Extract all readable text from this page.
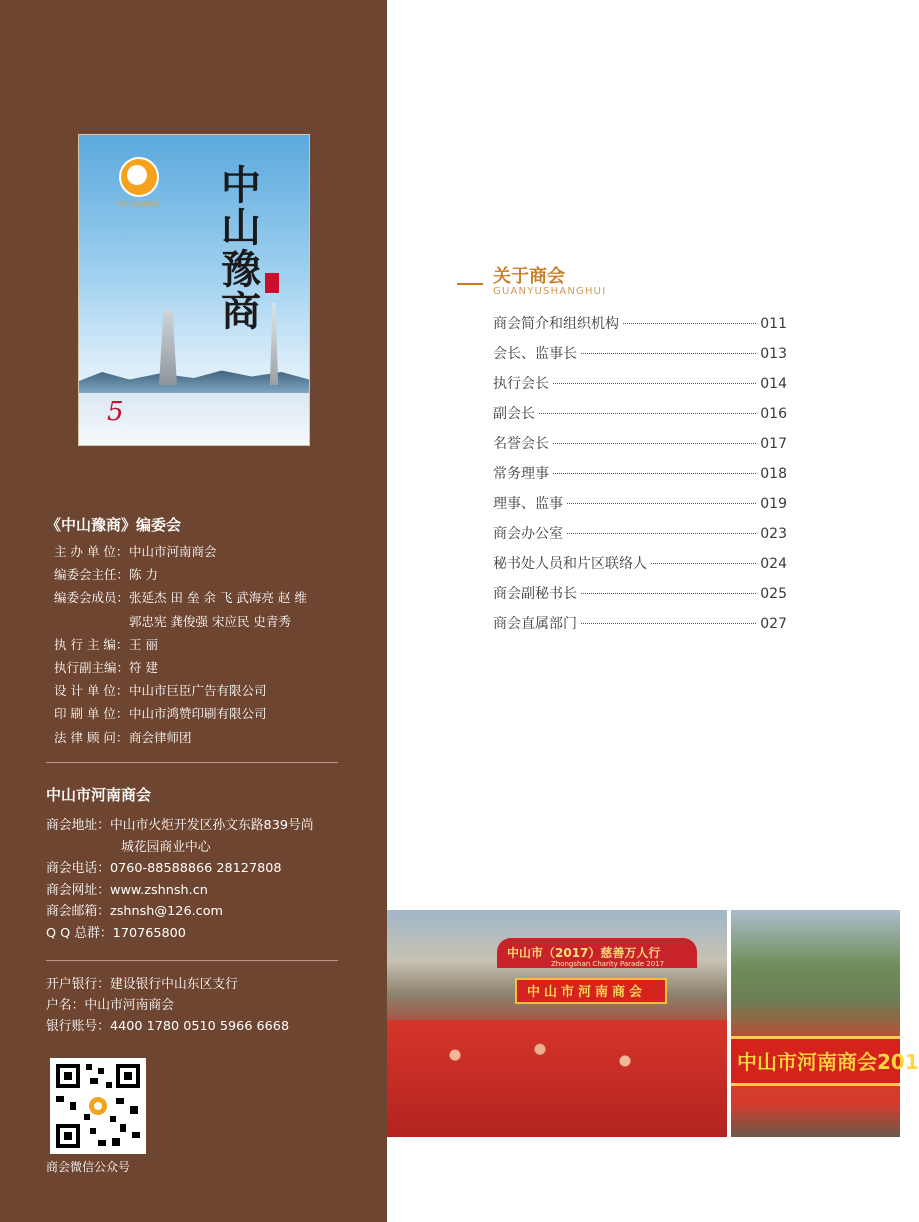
中山市河南商会 中山豫商
5
《中山豫商》编委会
主 办 单 位： 中山市河南商会
编委会主任： 陈 力
编委会成员： 张延杰 田 垒 余 飞 武海亮 赵 维
郭忠宪 龚俊强 宋应民 史青秀
执 行 主 编： 王 丽
执行副主编： 符 建
设 计 单 位： 中山市巨臣广告有限公司
印 刷 单 位： 中山市鸿赞印刷有限公司
法 律 顾 问： 商会律师团
中山市河南商会
商会地址：中山市火炬开发区孙文东路839号尚
城花园商业中心
商会电话：0760-88588866 28127808
商会网址：www.zshnsh.cn
商会邮箱：zshnsh@126.com
Q Q 总群：170765800
开户银行：建设银行中山东区支行
户名：中山市河南商会
银行账号：4400 1780 0510 5966 6668
商会微信公众号
关于商会
GUANYUSHANGHUI
商会简介和组织机构	011
会长、监事长	013
执行会长	014
副会长	016
名誉会长	017
常务理事	018
理事、监事	019
商会办公室	023
秘书处人员和片区联络人	024
商会副秘书长	025
商会直属部门	027
中山市（2017）慈善万人行
Zhongshan Charity Parade 2017
中山市河南商会
中山市河南商会201
